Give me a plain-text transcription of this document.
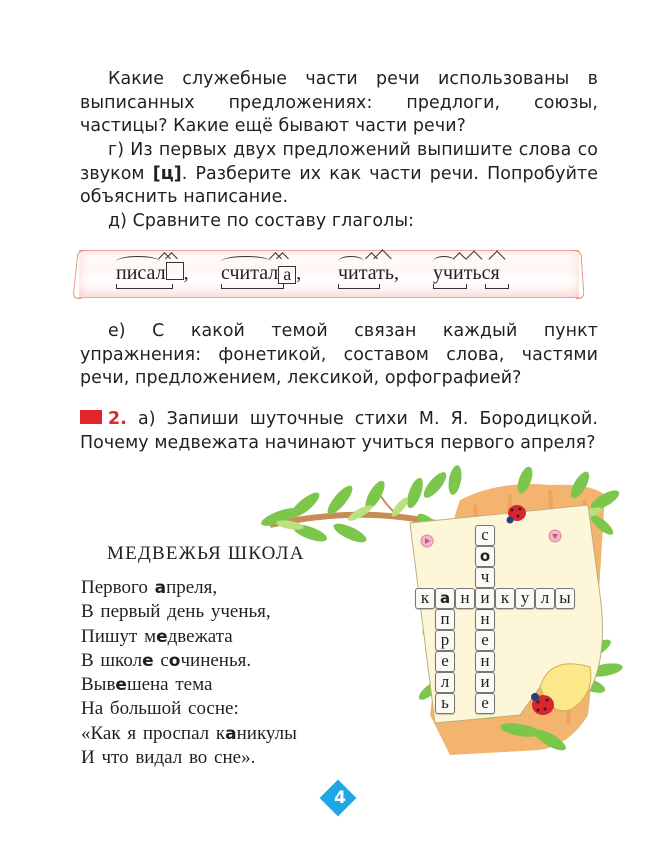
Какие служебные части речи использованы в выписанных предложениях: предлоги, союзы, частицы? Какие ещё бывают части речи?
г) Из первых двух предложений выпишите слова со звуком [ц]. Разберите их как части речи. Попробуйте объяснить написание.
д) Сравните по составу глаголы:
писал , считал а , читать, учиться
е) С какой темой связан каждый пункт упражнения: фонетикой, составом слова, частями речи, предложением, лексикой, орфографией?
2. а) Запиши шуточные стихи М. Я. Бородицкой. Почему медвежата начинают учиться первого апреля?
с
о
ч
н
е
н
и
е
к а н и к у л ы
п
р
е
л
ь
МЕДВЕЖЬЯ ШКОЛА
Первого апреля,
В первый день ученья,
Пишут медвежата
В школе сочиненья.
Вывешена тема
На большой сосне:
«Как я проспал каникулы
И что видал во сне».
4
